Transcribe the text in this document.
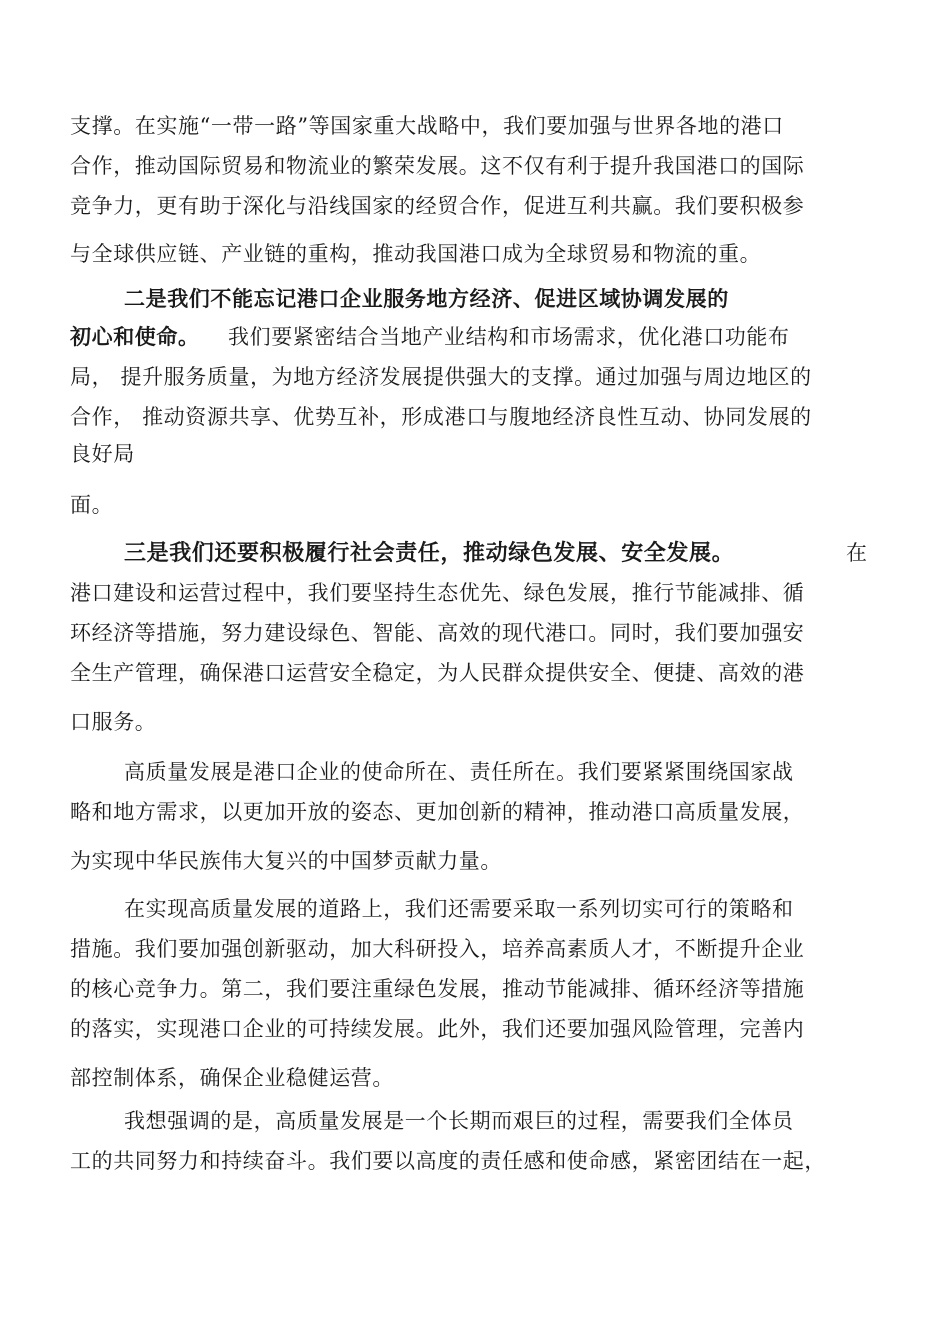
支撑。在实施“一带一路”等国家重大战略中，我们要加强与世界各地的港口
合作，推动国际贸易和物流业的繁荣发展。这不仅有利于提升我国港口的国际
竞争力，更有助于深化与沿线国家的经贸合作，促进互利共赢。我们要积极参
与全球供应链、产业链的重构，推动我国港口成为全球贸易和物流的重。
二是我们不能忘记港口企业服务地方经济、促进区域协调发展的
初心和使命。 我们要紧密结合当地产业结构和市场需求，优化港口功能布
局， 提升服务质量，为地方经济发展提供强大的支撑。通过加强与周边地区的
合作， 推动资源共享、优势互补，形成港口与腹地经济良性互动、协同发展的
良好局
面。
三是我们还要积极履行社会责任，推动绿色发展、安全发展。	在
港口建设和运营过程中，我们要坚持生态优先、绿色发展，推行节能减排、循
环经济等措施，努力建设绿色、智能、高效的现代港口。同时，我们要加强安
全生产管理，确保港口运营安全稳定，为人民群众提供安全、便捷、高效的港
口服务。
高质量发展是港口企业的使命所在、责任所在。我们要紧紧围绕国家战
略和地方需求，以更加开放的姿态、更加创新的精神，推动港口高质量发展，
为实现中华民族伟大复兴的中国梦贡献力量。
在实现高质量发展的道路上，我们还需要采取一系列切实可行的策略和
措施。我们要加强创新驱动，加大科研投入，培养高素质人才，不断提升企业
的核心竞争力。第二，我们要注重绿色发展，推动节能减排、循环经济等措施
的落实，实现港口企业的可持续发展。此外，我们还要加强风险管理，完善内
部控制体系，确保企业稳健运营。
我想强调的是，高质量发展是一个长期而艰巨的过程，需要我们全体员
工的共同努力和持续奋斗。我们要以高度的责任感和使命感，紧密团结在一起，
